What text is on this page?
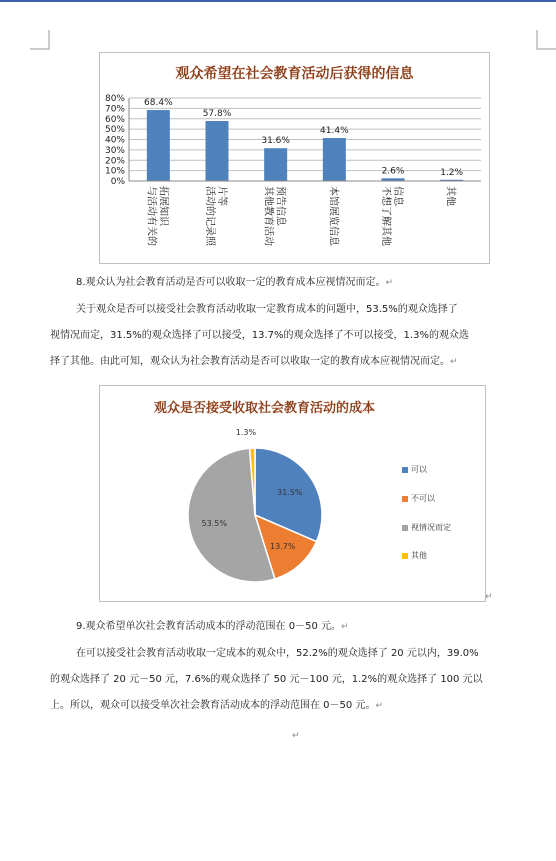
观众希望在社会教育活动后获得的信息
80%
70%
60%
50%
40%
30%
20%
10%
0%
68.4%
与活动有关的 拓展知识
57.8%
活动的记录照 片等
31.6%
其他教育活动 预告信息
41.4%
本馆展览信息
2.6%
不想了解其他 信息
1.2%
其他
8.观众认为社会教育活动是否可以收取一定的教育成本应视情况而定。↵
关于观众是否可以接受社会教育活动收取一定教育成本的问题中，53.5%的观众选择了
视情况而定，31.5%的观众选择了可以接受，13.7%的观众选择了不可以接受，1.3%的观众选
择了其他。由此可知，观众认为社会教育活动是否可以收取一定的教育成本应视情况而定。↵
观众是否接受收取社会教育活动的成本
31.5%
13.7%
53.5%
1.3%
可以
不可以
视情况而定
其他
↵
9.观众希望单次社会教育活动成本的浮动范围在 0－50 元。↵
在可以接受社会教育活动收取一定成本的观众中，52.2%的观众选择了 20 元以内，39.0%
的观众选择了 20 元－50 元，7.6%的观众选择了 50 元－100 元，1.2%的观众选择了 100 元以
上。所以，观众可以接受单次社会教育活动成本的浮动范围在 0－50 元。↵
↵
